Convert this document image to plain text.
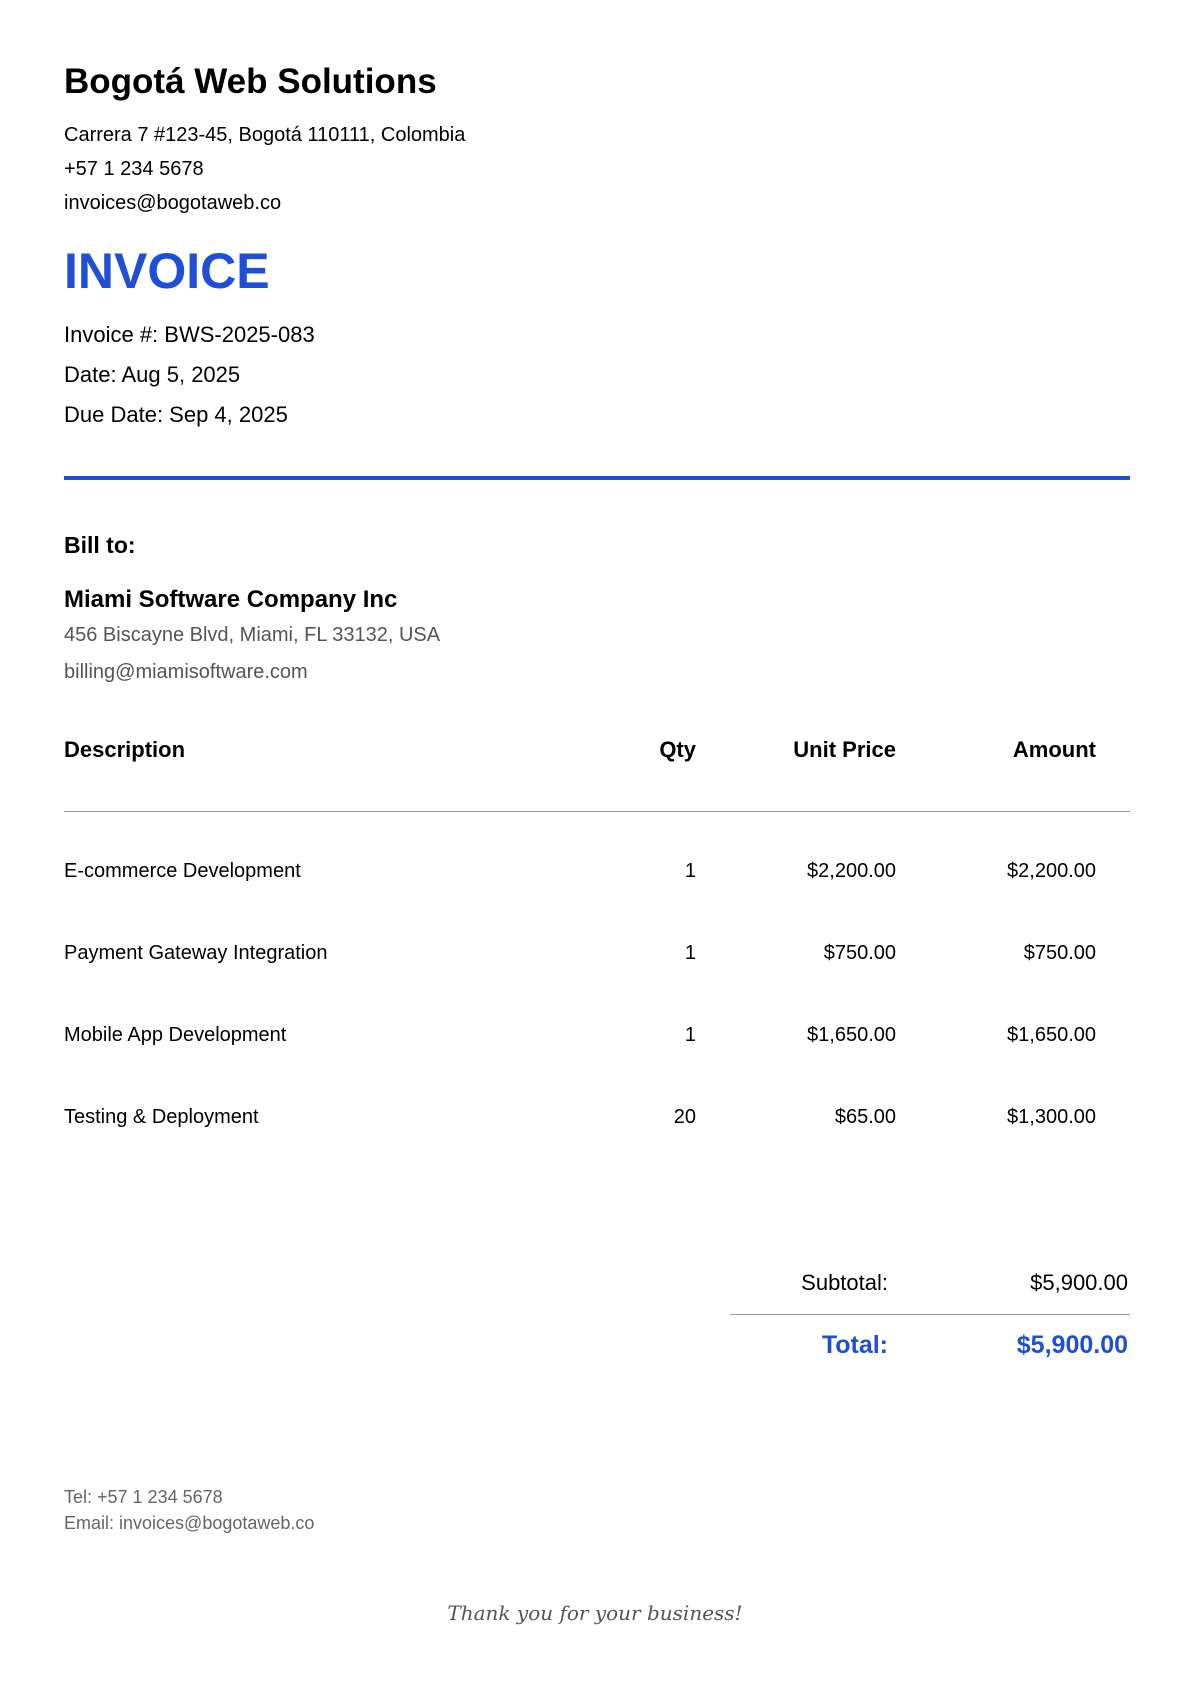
Bogotá Web Solutions
Carrera 7 #123-45, Bogotá 110111, Colombia
+57 1 234 5678
invoices@bogotaweb.co
INVOICE
Invoice #: BWS-2025-083
Date: Aug 5, 2025
Due Date: Sep 4, 2025
Bill to:
Miami Software Company Inc
456 Biscayne Blvd, Miami, FL 33132, USA
billing@miamisoftware.com
Description	Qty	Unit Price	Amount
E-commerce Development	1	$2,200.00	$2,200.00
Payment Gateway Integration	1	$750.00	$750.00
Mobile App Development	1	$1,650.00	$1,650.00
Testing & Deployment	20	$65.00	$1,300.00
Subtotal:	$5,900.00
Total:	$5,900.00
Tel: +57 1 234 5678
Email: invoices@bogotaweb.co
Thank you for your business!
